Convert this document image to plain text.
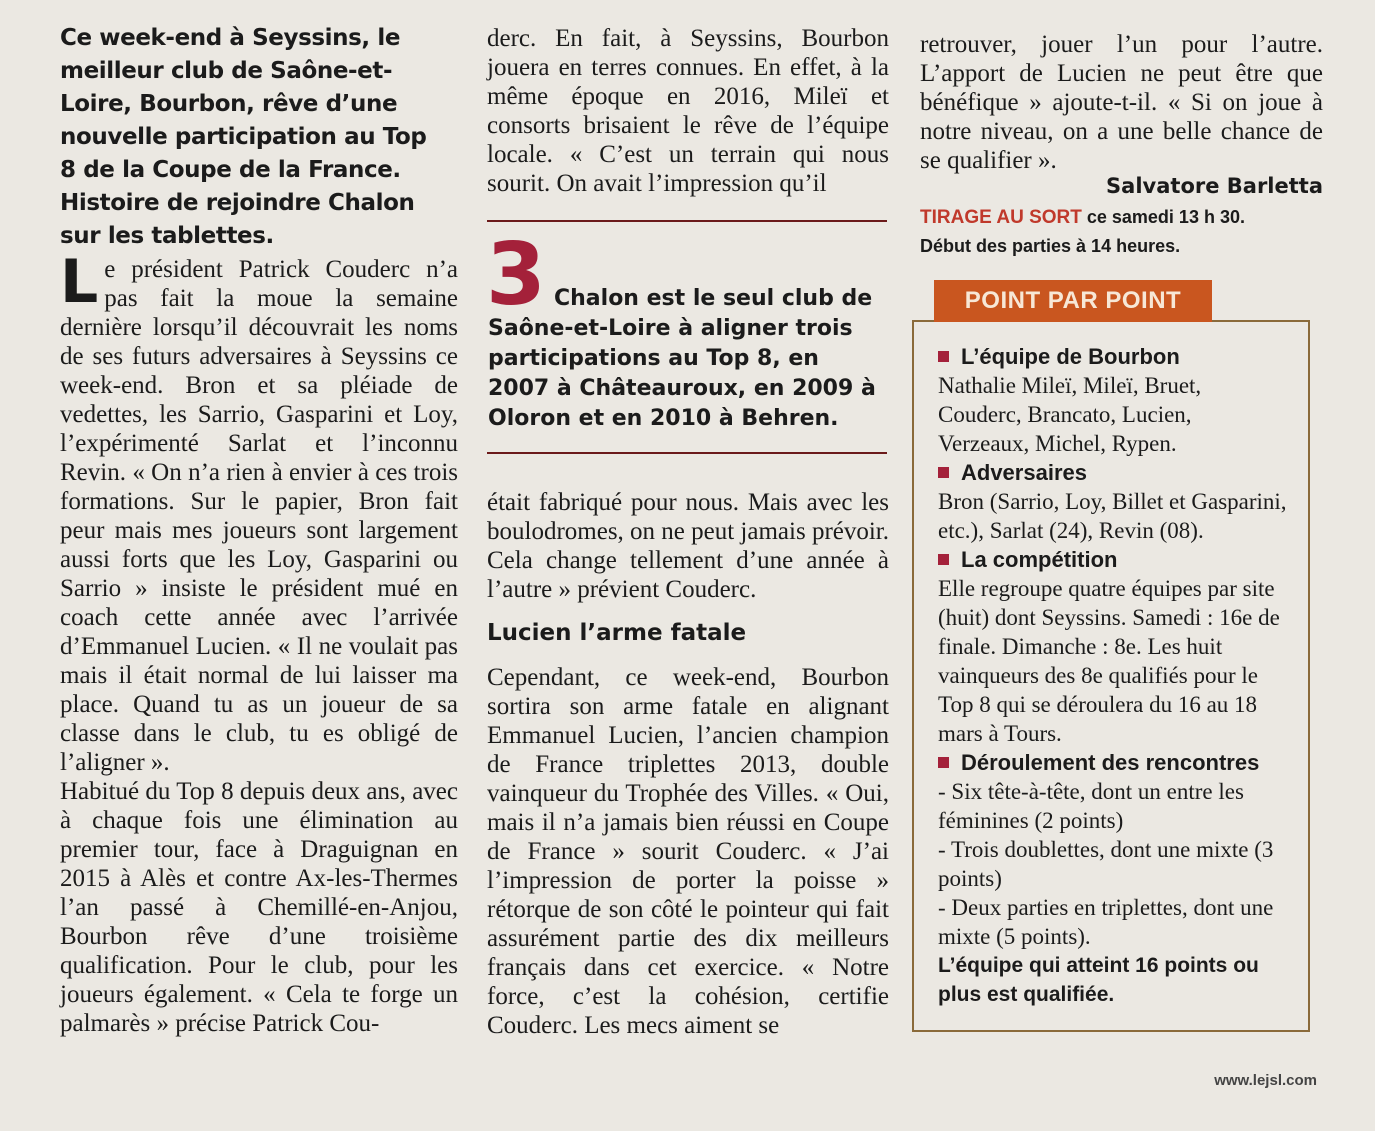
Ce week-end à Seyssins, le meilleur club de Saône-et-Loire, Bourbon, rêve d’une nouvelle participation au Top 8 de la Coupe de la France. Histoire de rejoindre Chalon sur les tablettes.

Le président Patrick Couderc n’a pas fait la moue la semaine dernière lorsqu’il découvrait les noms de ses futurs adversaires à Seyssins ce week-end. Bron et sa pléiade de vedettes, les Sarrio, Gasparini et Loy, l’expérimenté Sarlat et l’inconnu Revin. « On n’a rien à envier à ces trois formations. Sur le papier, Bron fait peur mais mes joueurs sont largement aussi forts que les Loy, Gasparini ou Sarrio » insiste le président mué en coach cette année avec l’arrivée d’Emmanuel Lucien. « Il ne voulait pas mais il était normal de lui laisser ma place. Quand tu as un joueur de sa classe dans le club, tu es obligé de l’aligner ».

Habitué du Top 8 depuis deux ans, avec à chaque fois une élimination au premier tour, face à Draguignan en 2015 à Alès et contre Ax-les-Thermes l’an passé à Chemillé-en-Anjou, Bourbon rêve d’une troisième qualification. Pour le club, pour les joueurs également. « Cela te forge un palmarès » précise Patrick Cou-

derc. En fait, à Seyssins, Bourbon jouera en terres connues. En effet, à la même époque en 2016, Mileï et consorts brisaient le rêve de l’équipe locale. « C’est un terrain qui nous sourit. On avait l’impression qu’il
3 Chalon est le seul club de Saône-et-Loire à aligner trois participations au Top 8, en 2007 à Châteauroux, en 2009 à Oloron et en 2010 à Behren.
était fabriqué pour nous. Mais avec les boulodromes, on ne peut jamais prévoir. Cela change tellement d’une année à l’autre » prévient Couderc.
Lucien l’arme fatale
Cependant, ce week-end, Bourbon sortira son arme fatale en alignant Emmanuel Lucien, l’ancien champion de France triplettes 2013, double vainqueur du Trophée des Villes. « Oui, mais il n’a jamais bien réussi en Coupe de France » sourit Couderc. « J’ai l’impression de porter la poisse » rétorque de son côté le pointeur qui fait assurément partie des dix meilleurs français dans cet exercice. « Notre force, c’est la cohésion, certifie Couderc. Les mecs aiment se
retrouver, jouer l’un pour l’autre. L’apport de Lucien ne peut être que bénéfique » ajoute-t-il. « Si on joue à notre niveau, on a une belle chance de se qualifier ».
Salvatore Barletta
TIRAGE AU SORT ce samedi 13 h 30.
Début des parties à 14 heures.
POINT PAR POINT
L’équipe de Bourbon
Nathalie Mileï, Mileï, Bruet, Couderc, Brancato, Lucien, Verzeaux, Michel, Rypen.
Adversaires
Bron (Sarrio, Loy, Billet et Gasparini, etc.), Sarlat (24), Revin (08).
La compétition
Elle regroupe quatre équipes par site (huit) dont Seyssins. Samedi : 16e de finale. Dimanche : 8e. Les huit vainqueurs des 8e qualifiés pour le Top 8 qui se déroulera du 16 au 18 mars à Tours.
Déroulement des rencontres
- Six tête-à-tête, dont un entre les féminines (2 points)
- Trois doublettes, dont une mixte (3 points)
- Deux parties en triplettes, dont une mixte (5 points).
L’équipe qui atteint 16 points ou plus est qualifiée.
www.lejsl.com
